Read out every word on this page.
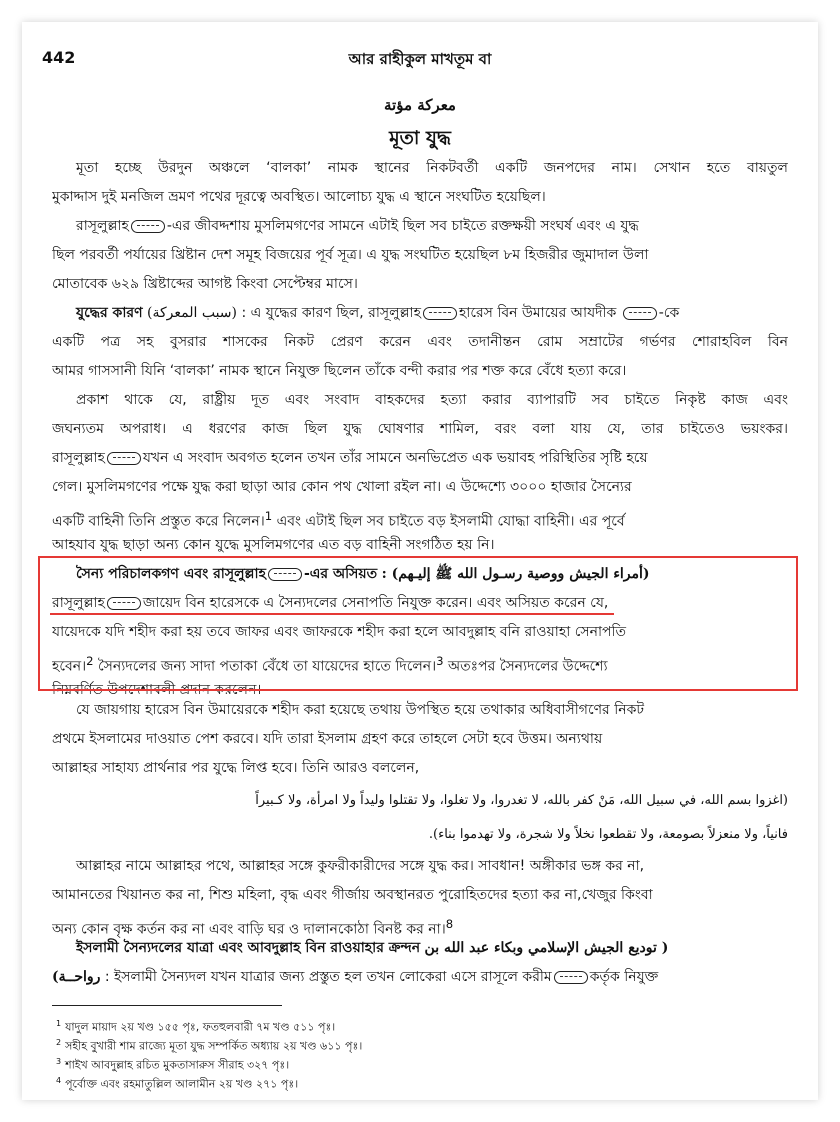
442	আর রাহীকুল মাখতূম বা
معركة مؤتة
মূতা যুদ্ধ
মূতা হচ্ছে উরদুন অঞ্চলে ‘বালকা’ নামক স্থানের নিকটবর্তী একটি জনপদের নাম। সেখান হতে বায়তুল
মুকাদ্দাস দুই মনজিল ভ্রমণ পথের দূরত্বে অবস্থিত। আলোচ্য যুদ্ধ এ স্থানে সংঘটিত হয়েছিল।
রাসূলুল্লাহ	-এর জীবদ্দশায় মুসলিমগণের সামনে এটাই ছিল সব চাইতে রক্তক্ষয়ী সংঘর্ষ এবং এ যুদ্ধ
ছিল পরবর্তী পর্যায়ের খ্রিষ্টান দেশ সমূহ বিজয়ের পূর্ব সূত্র। এ যুদ্ধ সংঘটিত হয়েছিল ৮ম হিজরীর জুমাদাল উলা
মোতাবেক ৬২৯ খ্রিষ্টাব্দের আগষ্ট কিংবা সেপ্টেম্বর মাসে।
যুদ্ধের কারণ (سبب المعركة) : এ যুদ্ধের কারণ ছিল, রাসূলুল্লাহ	হারেস বিন উমায়ের আযদীক	-কে
একটি পত্র সহ বুসরার শাসকের নিকট প্রেরণ করেন এবং তদানীন্তন রোম সম্রাটের গর্ভণর শোরাহবিল বিন
আমর গাসসানী যিনি ‘বালকা’ নামক স্থানে নিযুক্ত ছিলেন তাঁকে বন্দী করার পর শক্ত করে বেঁধে হত্যা করে।
প্রকাশ থাকে যে, রাষ্ট্রীয় দূত এবং সংবাদ বাহকদের হত্যা করার ব্যাপারটি সব চাইতে নিকৃষ্ট কাজ এবং
জঘন্যতম অপরাধ। এ ধরণের কাজ ছিল যুদ্ধ ঘোষণার শামিল, বরং বলা যায় যে, তার চাইতেও ভয়ংকর।
রাসূলুল্লাহ	যখন এ সংবাদ অবগত হলেন তখন তাঁর সামনে অনভিপ্রেত এক ভয়াবহ পরিস্থিতির সৃষ্টি হয়ে
গেল। মুসলিমগণের পক্ষে যুদ্ধ করা ছাড়া আর কোন পথ খোলা রইল না। এ উদ্দেশ্যে ৩০০০ হাজার সৈন্যের
একটি বাহিনী তিনি প্রস্তুত করে নিলেন।$^1$ এবং এটাই ছিল সব চাইতে বড় ইসলামী যোদ্ধা বাহিনী। এর পূর্বে
আহযাব যুদ্ধ ছাড়া অন্য কোন যুদ্ধে মুসলিমগণের এত বড় বাহিনী সংগঠিত হয় নি।
সৈন্য পরিচালকগণ এবং রাসূলুল্লাহ	-এর অসিয়ত (أمراء الجيش ووصية رسـول الله ﷺ إليـهم) :
রাসূলুল্লাহ	জায়েদ বিন হারেসকে এ সৈন্যদলের সেনাপতি নিযুক্ত করেন। এবং অসিয়ত করেন যে,
যায়েদকে যদি শহীদ করা হয় তবে জাফর এবং জাফরকে শহীদ করা হলে আবদুল্লাহ বনি রাওয়াহা সেনাপতি
হবেন।$^2$ সৈন্যদলের জন্য সাদা পতাকা বেঁধে তা যায়েদের হাতে দিলেন।$^3$ অতঃপর সৈন্যদলের উদ্দেশ্যে
নিম্নবর্ণিত উপদেশাবলী প্রদান করলেন।
যে জায়গায় হারেস বিন উমায়েরকে শহীদ করা হয়েছে তথায় উপস্থিত হয়ে তথাকার অধিবাসীগণের নিকট
প্রথমে ইসলামের দাওয়াত পেশ করবে। যদি তারা ইসলাম গ্রহণ করে তাহলে সেটা হবে উত্তম। অন্যথায়
আল্লাহর সাহায্য প্রার্থনার পর যুদ্ধে লিপ্ত হবে। তিনি আরও বললেন,
(اغزوا بسم الله، في سبيل الله، مَنْ كفر بالله، لا تغدروا، ولا تغلوا، ولا تقتلوا وليداً ولا امرأة، ولا كـبيراً
فانياً، ولا منعزلاً بصومعة، ولا تقطعوا نخلاً ولا شجرة، ولا تهدموا بناء).
আল্লাহর নামে আল্লাহর পথে, আল্লাহর সঙ্গে কুফরীকারীদের সঙ্গে যুদ্ধ কর। সাবধান! অঙ্গীকার ভঙ্গ কর না,
আমানতের খিয়ানত কর না, শিশু মহিলা, বৃদ্ধ এবং গীর্জায় অবস্থানরত পুরোহিতদের হত্যা কর না,খেজুর কিংবা
অন্য কোন বৃক্ষ কর্তন কর না এবং বাড়ি ঘর ও দালানকোঠা বিনষ্ট কর না।$^8$
ইসলামী সৈন্যদলের যাত্রা এবং আবদুল্লাহ বিন রাওয়াহার ক্রন্দন ( توديع الجيش الإسلامي وبكاء عبد الله بن
رواحــة) : ইসলামী সৈন্যদল যখন যাত্রার জন্য প্রস্তুত হল তখন লোকেরা এসে রাসূলে করীম	কর্তৃক নিযুক্ত
$^1$ যাদুল মায়াদ ২য় খণ্ড ১৫৫ পৃঃ, ফতহুলবারী ৭ম খণ্ড ৫১১ পৃঃ।
$^2$ সহীহ বুখারী শাম রাজ্যে মূতা যুদ্ধ সম্পর্কিত অধ্যায় ২য় খণ্ড ৬১১ পৃঃ।
$^3$ শাইখ আবদুল্লাহ রচিত মুকতাসারুস সীরাহ ৩২৭ পৃঃ।
$^4$ পূর্বোক্ত এবং রহমাতুল্লিল আলামীন ২য় খণ্ড ২৭১ পৃঃ।
